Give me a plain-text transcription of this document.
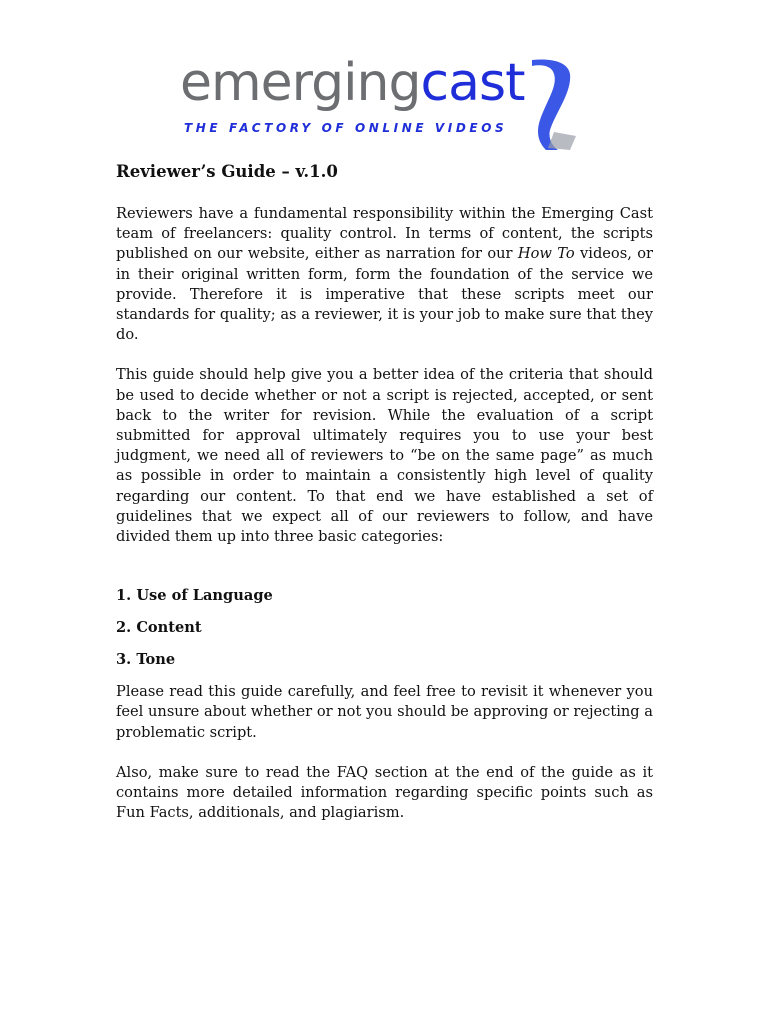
emergingcast
THE FACTORY OF ONLINE VIDEOS
Reviewer’s Guide – v.1.0

Reviewers have a fundamental responsibility within the Emerging Cast team of freelancers: quality control. In terms of content, the scripts published on our website, either as narration for our How To videos, or in their original written form, form the foundation of the service we provide. Therefore it is imperative that these scripts meet our standards for quality; as a reviewer, it is your job to make sure that they do.

This guide should help give you a better idea of the criteria that should be used to decide whether or not a script is rejected, accepted, or sent back to the writer for revision. While the evaluation of a script submitted for approval ultimately requires you to use your best judgment, we need all of reviewers to “be on the same page” as much as possible in order to maintain a consistently high level of quality regarding our content. To that end we have established a set of guidelines that we expect all of our reviewers to follow, and have divided them up into three basic categories:

1. Use of Language
2. Content
3. Tone

Please read this guide carefully, and feel free to revisit it whenever you feel unsure about whether or not you should be approving or rejecting a problematic script.

Also, make sure to read the FAQ section at the end of the guide as it contains more detailed information regarding specific points such as Fun Facts, additionals, and plagiarism.
